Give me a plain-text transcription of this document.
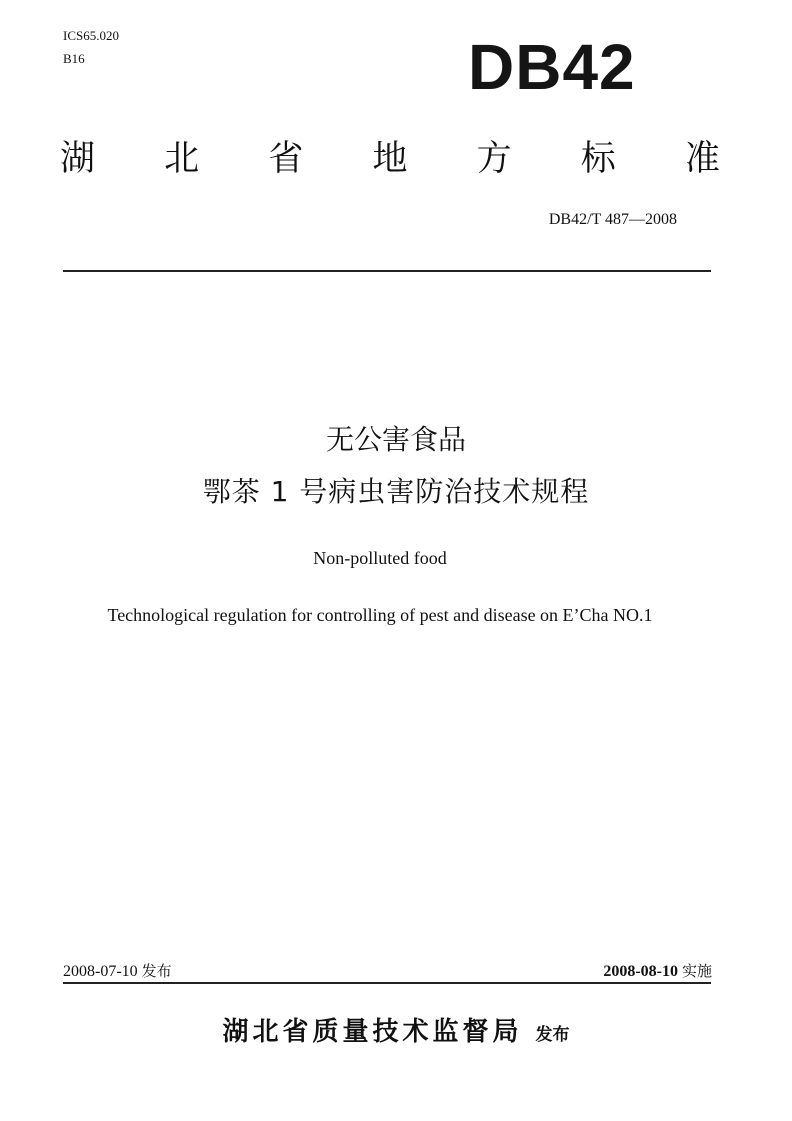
ICS65.020
B16	DB42
湖 北 省 地 方 标 准
DB42/T 487—2008
无公害食品
鄂茶 1 号病虫害防治技术规程
Non-polluted food
Technological regulation for controlling of pest and disease on E’Cha NO.1
2008-07-10 发布	2008-08-10 实施
湖北省质量技术监督局 发布
